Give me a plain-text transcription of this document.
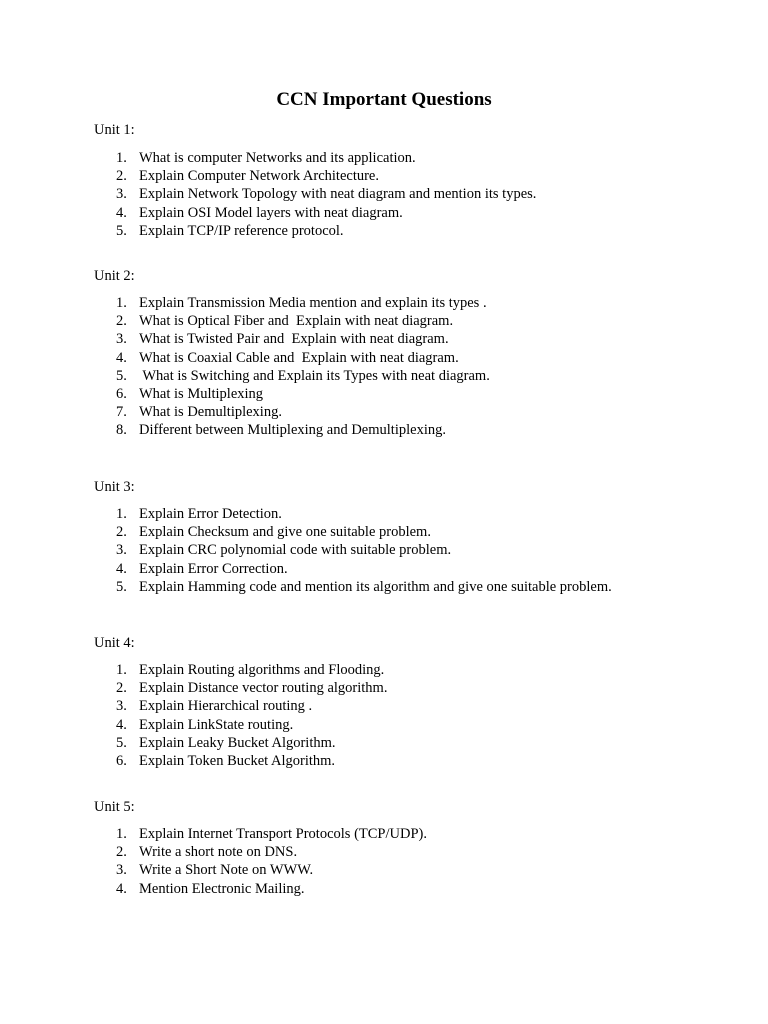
CCN Important Questions
Unit 1:
1. What is computer Networks and its application.
2. Explain Computer Network Architecture.
3. Explain Network Topology with neat diagram and mention its types.
4. Explain OSI Model layers with neat diagram.
5. Explain TCP/IP reference protocol.
Unit 2:
1. Explain Transmission Media mention and explain its types .
2. What is Optical Fiber and  Explain with neat diagram.
3. What is Twisted Pair and  Explain with neat diagram.
4. What is Coaxial Cable and  Explain with neat diagram.
5. What is Switching and Explain its Types with neat diagram.
6. What is Multiplexing
7. What is Demultiplexing.
8. Different between Multiplexing and Demultiplexing.
Unit 3:
1. Explain Error Detection.
2. Explain Checksum and give one suitable problem.
3. Explain CRC polynomial code with suitable problem.
4. Explain Error Correction.
5. Explain Hamming code and mention its algorithm and give one suitable problem.
Unit 4:
1. Explain Routing algorithms and Flooding.
2. Explain Distance vector routing algorithm.
3. Explain Hierarchical routing .
4. Explain LinkState routing.
5. Explain Leaky Bucket Algorithm.
6. Explain Token Bucket Algorithm.
Unit 5:
1. Explain Internet Transport Protocols (TCP/UDP).
2. Write a short note on DNS.
3. Write a Short Note on WWW.
4. Mention Electronic Mailing.
